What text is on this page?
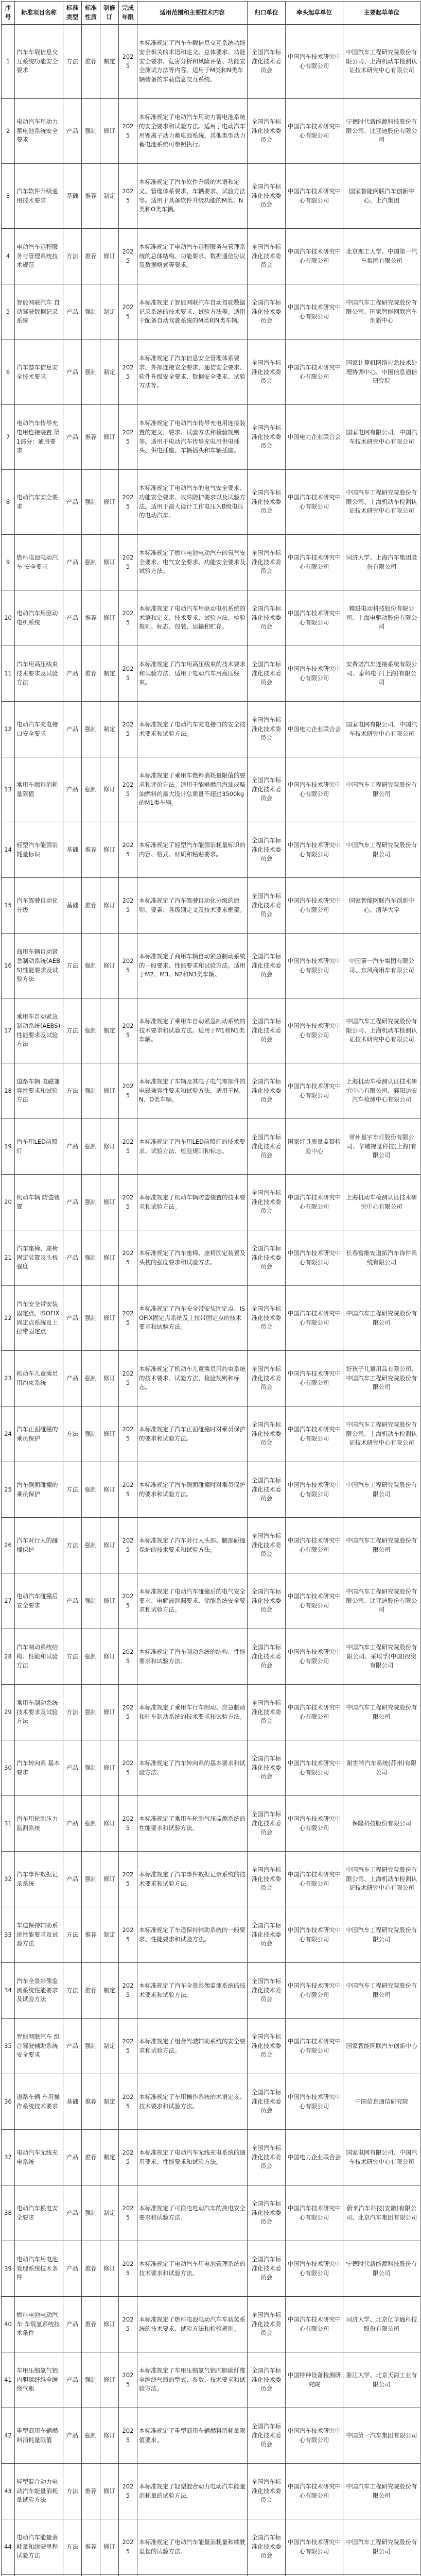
序号	标准项目名称	标准类型	标准性质	制修订	完成年限	适用范围和主要技术内容	归口单位	牵头起草单位	主要起草单位
1	汽车车载信息交互系统功能安全要求	方法	推荐	制定	2025	本标准规定了汽车车载信息交互系统功能安全相关的术语和定义、总体要求、功能安全要求、危害分析和风险评估、功能安全测试方法等内容。适用于M类和N类车辆装备的车载信息交互系统。	全国汽车标准化技术委员会	中国汽车技术研究中心有限公司	中国汽车工程研究院股份有限公司、上海机动车检测认证技术研究中心有限公司
2	电动汽车用动力蓄电池系统安全要求	产品	强制	修订	2025	本标准规定了电动汽车用动力蓄电池系统的安全要求和试验方法。适用于电动汽车用锂离子动力蓄电池系统，其他类型动力蓄电池系统可参照执行。	全国汽车标准化技术委员会	中国汽车技术研究中心有限公司	宁德时代新能源科技股份有限公司、比亚迪股份有限公司
3	汽车软件升级通用技术要求	基础	推荐	制定	2025	本标准规定了汽车软件升级的术语和定义、管理体系要求、车辆要求、试验方法等。适用于具备软件升级功能的M类、N类和O类车辆。	全国汽车标准化技术委员会	中国汽车技术研究中心有限公司	国家智能网联汽车创新中心、上汽集团
4	电动汽车远程服务与管理系统技术规范	方法	推荐	修订	2025	本标准规定了电动汽车远程服务与管理系统的总体结构、功能要求、数据通信协议及数据格式等要求。	全国汽车标准化技术委员会	中国汽车技术研究中心有限公司	北京理工大学、中国第一汽车集团有限公司
5	智能网联汽车 自动驾驶数据记录系统	产品	强制	制定	2025	本标准规定了智能网联汽车自动驾驶数据记录系统的技术要求、试验方法等。适用于配备自动驾驶系统的M类和N类车辆。	全国汽车标准化技术委员会	中国汽车技术研究中心有限公司	中国汽车工程研究院股份有限公司、国家智能网联汽车创新中心
6	汽车整车信息安全技术要求	产品	强制	制定	2025	本标准规定了汽车信息安全管理体系要求、外部连接安全要求、通信安全要求、软件升级安全要求、数据安全要求、试验方法等。	全国汽车标准化技术委员会	中国汽车技术研究中心有限公司	国家计算机网络应急技术处理协调中心、中国信息通信研究院
7	电动汽车传导充电用连接装置 第1部分：通用要求	产品	推荐	修订	2025	本标准规定了电动汽车传导充电用连接装置的定义、要求、试验方法和检验规则等。适用于电动汽车传导充电用供电插头、供电插座、车辆插头和车辆插座。	全国汽车标准化技术委员会	中国电力企业联合会	国家电网有限公司、中国汽车技术研究中心有限公司
8	电动汽车安全要求	产品	强制	修订	2025	本标准规定了电动汽车的电气安全要求、功能安全要求、故障防护要求以及试验方法。适用于最大设计工作电压为B级电压的电动汽车。	全国汽车标准化技术委员会	中国汽车技术研究中心有限公司	中国汽车工程研究院股份有限公司、上海机动车检测认证技术研究中心有限公司
9	燃料电池电动汽车 安全要求	产品	强制	修订	2025	本标准规定了燃料电池电动汽车的氢气安全要求、电气安全要求、功能安全要求及试验方法。	全国汽车标准化技术委员会	中国汽车技术研究中心有限公司	同济大学、上海汽车集团股份有限公司
10	电动汽车用驱动电机系统	产品	推荐	修订	2025	本标准规定了电动汽车用驱动电机系统的术语和定义、技术要求、试验方法、检验规则、标志、包装、运输和贮存。	全国汽车标准化技术委员会	中国汽车技术研究中心有限公司	精进电动科技股份有限公司、上海电驱动股份有限公司
11	汽车用高压线束技术要求及试验方法	产品	推荐	制定	2025	本标准规定了汽车用高压线束的技术要求和试验方法。适用于电动汽车用高压线束。	全国汽车标准化技术委员会	中国汽车技术研究中心有限公司	安费诺汽车连接系统有限公司、泰科电子(上海)有限公司
12	电动汽车充电接口安全要求	产品	强制	制定	2025	本标准规定了电动汽车充电接口的安全技术要求和试验方法。	全国汽车标准化技术委员会	中国电力企业联合会	国家电网有限公司、中国汽车技术研究中心有限公司
13	乘用车燃料消耗量限值	产品	强制	修订	2025	本标准规定了乘用车燃料消耗量限值的要求和评价方法。适用于能够燃用汽油或柴油燃料的最大设计总质量不超过3500kg的M1类车辆。	全国汽车标准化技术委员会	中国汽车技术研究中心有限公司	中国汽车工程研究院股份有限公司
14	轻型汽车能源消耗量标识	基础	推荐	修订	2025	本标准规定了轻型汽车能源消耗量标识的内容、格式、材质和粘贴要求。	全国汽车标准化技术委员会	中国汽车技术研究中心有限公司	中国汽车工程研究院股份有限公司
15	汽车驾驶自动化分级	基础	推荐	修订	2025	本标准规定了汽车驾驶自动化分级的原则、要素、各级别定义及技术要求框架。	全国汽车标准化技术委员会	中国汽车技术研究中心有限公司	国家智能网联汽车创新中心、清华大学
16	商用车辆自动紧急制动系统(AEBS)性能要求及试验方法	方法	强制	修订	2025	本标准规定了商用车辆自动紧急制动系统的一般要求、性能要求和试验方法。适用于M2、M3、N2和N3类车辆。	全国汽车标准化技术委员会	中国汽车技术研究中心有限公司	中国第一汽车集团有限公司、东风商用车有限公司
17	乘用车自动紧急制动系统(AEBS)性能要求及试验方法	方法	强制	制定	2025	本标准规定了乘用车自动紧急制动系统的技术要求和试验方法。适用于M1和N1类车辆。	全国汽车标准化技术委员会	中国汽车技术研究中心有限公司	中国汽车工程研究院股份有限公司、上海机动车检测认证技术研究中心有限公司
18	道路车辆 电磁兼容性要求和试验方法	方法	强制	修订	2025	本标准规定了车辆及其电子电气零部件的电磁兼容性要求和试验方法。适用于M、N、O类车辆。	全国汽车标准化技术委员会	中国汽车技术研究中心有限公司	上海机动车检测认证技术研究中心有限公司、襄阳达安汽车检测中心有限公司
19	汽车用LED前照灯	产品	强制	修订	2025	本标准规定了汽车用LED前照灯的技术要求、试验方法、检验规则和标志。	全国汽车标准化技术委员会	国家灯具质量监督检验中心	常州星宇车灯股份有限公司、华域视觉科技(上海)有限公司
20	机动车辆 防盗装置	产品	强制	修订	2025	本标准规定了机动车辆防盗装置的技术要求和试验方法。	全国汽车标准化技术委员会	中国汽车技术研究中心有限公司	上海机动车检测认证技术研究中心有限公司
21	汽车座椅、座椅固定装置及头枕强度	产品	强制	修订	2025	本标准规定了汽车座椅、座椅固定装置及头枕的强度要求和试验方法。	全国汽车标准化技术委员会	中国汽车技术研究中心有限公司	长春富维安道拓汽车饰件系统有限公司
22	汽车安全带安装固定点、ISOFIX固定点系统及上拉带固定点	产品	强制	修订	2025	本标准规定了汽车安全带安装固定点、ISOFIX固定点系统及上拉带固定点的技术要求和试验方法。	全国汽车标准化技术委员会	中国汽车技术研究中心有限公司	中国汽车工程研究院股份有限公司
23	机动车儿童乘员用约束系统	产品	强制	修订	2025	本标准规定了机动车儿童乘员用约束系统的技术要求、试验方法、检验规则和标志。	全国汽车标准化技术委员会	中国汽车技术研究中心有限公司	好孩子儿童用品有限公司、中国汽车工程研究院股份有限公司
24	汽车正面碰撞的乘员保护	方法	强制	修订	2025	本标准规定了汽车正面碰撞时对乘员保护的要求和试验方法。	全国汽车标准化技术委员会	中国汽车技术研究中心有限公司	中国汽车工程研究院股份有限公司、上海机动车检测认证技术研究中心有限公司
25	汽车侧面碰撞的乘员保护	方法	强制	修订	2025	本标准规定了汽车侧面碰撞时对乘员保护的要求和试验方法。	全国汽车标准化技术委员会	中国汽车技术研究中心有限公司	中国汽车工程研究院股份有限公司
26	汽车对行人的碰撞保护	方法	强制	修订	2025	本标准规定了汽车对行人头部、腿部碰撞保护的技术要求和试验方法。	全国汽车标准化技术委员会	中国汽车技术研究中心有限公司	中国汽车工程研究院股份有限公司
27	电动汽车碰撞后安全要求	产品	强制	修订	2025	本标准规定了电动汽车碰撞后的电气安全要求、电解液泄漏要求、储能系统安全要求和试验方法。	全国汽车标准化技术委员会	中国汽车技术研究中心有限公司	中国汽车工程研究院股份有限公司、比亚迪股份有限公司
28	汽车制动系统结构、性能和试验方法	方法	强制	修订	2025	本标准规定了汽车制动系统的结构、性能要求和试验方法。	全国汽车标准化技术委员会	中国汽车技术研究中心有限公司	中国汽车工程研究院股份有限公司、采埃孚(中国)投资有限公司
29	乘用车制动系统技术要求及试验方法	方法	强制	修订	2025	本标准规定了乘用车行车制动、应急制动和驻车制动系统的技术要求和试验方法。	全国汽车标准化技术委员会	中国汽车技术研究中心有限公司	中国汽车工程研究院股份有限公司
30	汽车转向系 基本要求	产品	强制	修订	2025	本标准规定了汽车转向系的基本要求和试验方法。	全国汽车标准化技术委员会	中国汽车技术研究中心有限公司	耐世特汽车系统(苏州)有限公司
31	汽车用轮胎压力监测系统	产品	强制	修订	2025	本标准规定了乘用车轮胎气压监测系统的性能要求和试验方法。	全国汽车标准化技术委员会	中国汽车技术研究中心有限公司	保隆科技股份有限公司
32	汽车事件数据记录系统	产品	强制	修订	2025	本标准规定了汽车事件数据记录系统的技术要求和试验方法。	全国汽车标准化技术委员会	中国汽车技术研究中心有限公司	中国汽车工程研究院股份有限公司、上海机动车检测认证技术研究中心有限公司
33	车道保持辅助系统性能要求及试验方法	方法	推荐	制定	2025	本标准规定了车道保持辅助系统的一般要求、性能要求和试验方法。	全国汽车标准化技术委员会	中国汽车技术研究中心有限公司	中国汽车工程研究院股份有限公司
34	汽车全景影像监测系统性能要求及试验方法	方法	推荐	制定	2025	本标准规定了汽车全景影像监测系统的技术要求和试验方法。	全国汽车标准化技术委员会	中国汽车技术研究中心有限公司	中国汽车工程研究院股份有限公司
35	智能网联汽车 组合驾驶辅助系统安全要求	产品	强制	制定	2025	本标准规定了组合驾驶辅助系统的安全要求和试验方法。	全国汽车标准化技术委员会	中国汽车技术研究中心有限公司	国家智能网联汽车创新中心
36	道路车辆 车用操作系统技术要求	基础	推荐	制定	2025	本标准规定了车用操作系统的术语定义、技术要求和试验方法。	全国汽车标准化技术委员会	中国汽车技术研究中心有限公司	中国信息通信研究院
37	电动汽车无线充电系统	产品	推荐	制定	2025	本标准规定了电动汽车无线充电系统的通用要求、性能要求和试验方法。	全国汽车标准化技术委员会	中国电力企业联合会	国家电网有限公司、中国汽车技术研究中心有限公司
38	电动汽车换电安全要求	产品	强制	制定	2025	本标准规定了可换电电动汽车的换电安全要求和试验方法。	全国汽车标准化技术委员会	中国汽车技术研究中心有限公司	蔚来汽车科技(安徽)有限公司、北京汽车集团有限公司
39	电动汽车用电池管理系统技术条件	产品	推荐	修订	2025	本标准规定了电动汽车用电池管理系统的技术要求和试验方法。	全国汽车标准化技术委员会	中国汽车技术研究中心有限公司	宁德时代新能源科技股份有限公司
40	燃料电池电动汽车 车载氢系统技术条件	产品	推荐	修订	2025	本标准规定了燃料电池电动汽车车载氢系统的技术要求、试验方法和检验规则。	全国汽车标准化技术委员会	中国汽车技术研究中心有限公司	同济大学、北京亿华通科技股份有限公司
41	车用压缩氢气铝内胆碳纤维全缠绕气瓶	产品	强制	修订	2025	本标准规定了车用压缩氢气铝内胆碳纤维全缠绕气瓶的型式、参数、技术要求和试验方法。	全国汽车标准化技术委员会	中国特种设备检测研究院	浙江大学、北京天海工业有限公司
42	重型商用车辆燃料消耗量限值	产品	强制	修订	2025	本标准规定了重型商用车辆燃料消耗量限值要求。	全国汽车标准化技术委员会	中国汽车技术研究中心有限公司	中国第一汽车集团有限公司
43	轻型混合动力电动汽车能量消耗量试验方法	方法	推荐	修订	2025	本标准规定了轻型混合动力电动汽车能量消耗量的试验方法。	全国汽车标准化技术委员会	中国汽车技术研究中心有限公司	中国汽车工程研究院股份有限公司
44	电动汽车能量消耗量和续驶里程试验方法	方法	推荐	修订	2025	本标准规定了电动汽车能量消耗量和续驶里程的试验方法。	全国汽车标准化技术委员会	中国汽车技术研究中心有限公司	中国汽车工程研究院股份有限公司
